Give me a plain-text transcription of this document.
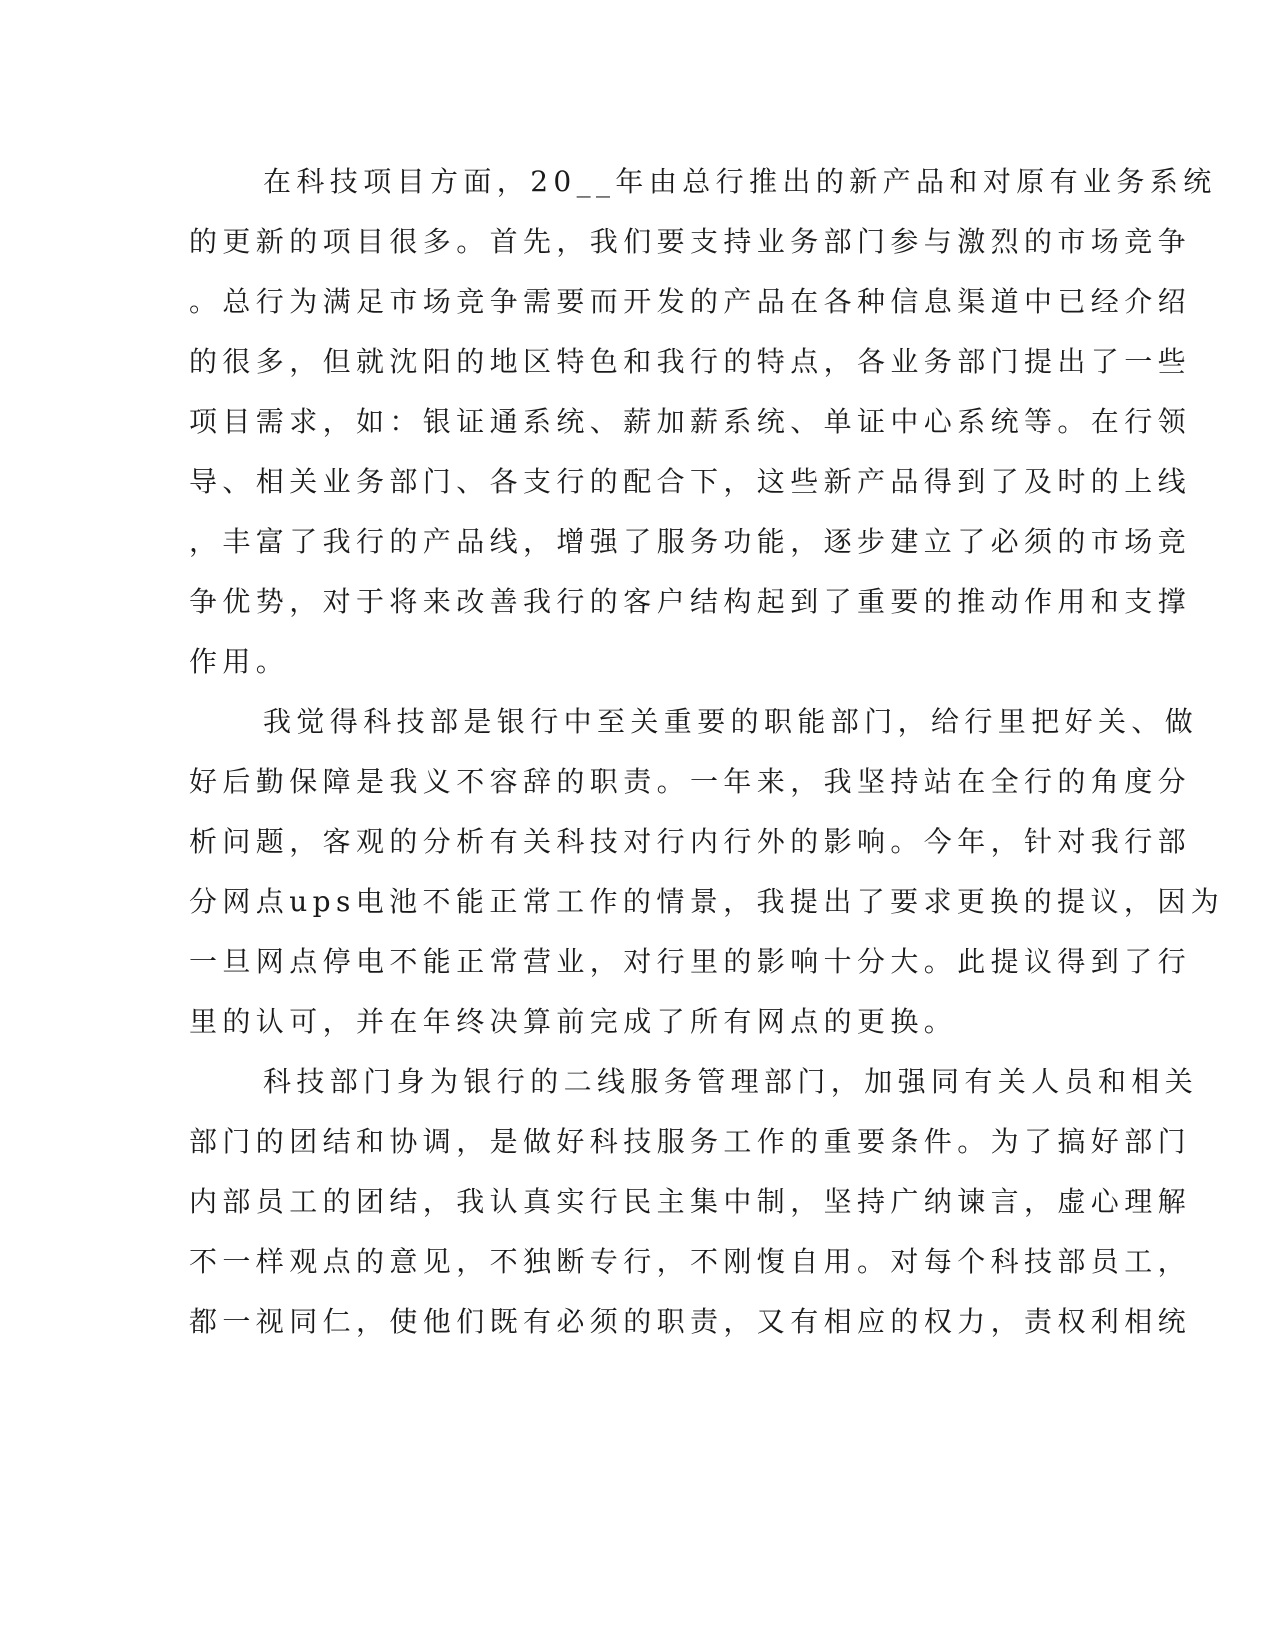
在科技项目方面，20__年由总行推出的新产品和对原有业务系统
的更新的项目很多。首先，我们要支持业务部门参与激烈的市场竞争
。总行为满足市场竞争需要而开发的产品在各种信息渠道中已经介绍
的很多，但就沈阳的地区特色和我行的特点，各业务部门提出了一些
项目需求，如：银证通系统、薪加薪系统、单证中心系统等。在行领
导、相关业务部门、各支行的配合下，这些新产品得到了及时的上线
，丰富了我行的产品线，增强了服务功能，逐步建立了必须的市场竞
争优势，对于将来改善我行的客户结构起到了重要的推动作用和支撑
作用。
我觉得科技部是银行中至关重要的职能部门，给行里把好关、做
好后勤保障是我义不容辞的职责。一年来，我坚持站在全行的角度分
析问题，客观的分析有关科技对行内行外的影响。今年，针对我行部
分网点ups电池不能正常工作的情景，我提出了要求更换的提议，因为
一旦网点停电不能正常营业，对行里的影响十分大。此提议得到了行
里的认可，并在年终决算前完成了所有网点的更换。
科技部门身为银行的二线服务管理部门，加强同有关人员和相关
部门的团结和协调，是做好科技服务工作的重要条件。为了搞好部门
内部员工的团结，我认真实行民主集中制，坚持广纳谏言，虚心理解
不一样观点的意见，不独断专行，不刚愎自用。对每个科技部员工，
都一视同仁，使他们既有必须的职责，又有相应的权力，责权利相统
